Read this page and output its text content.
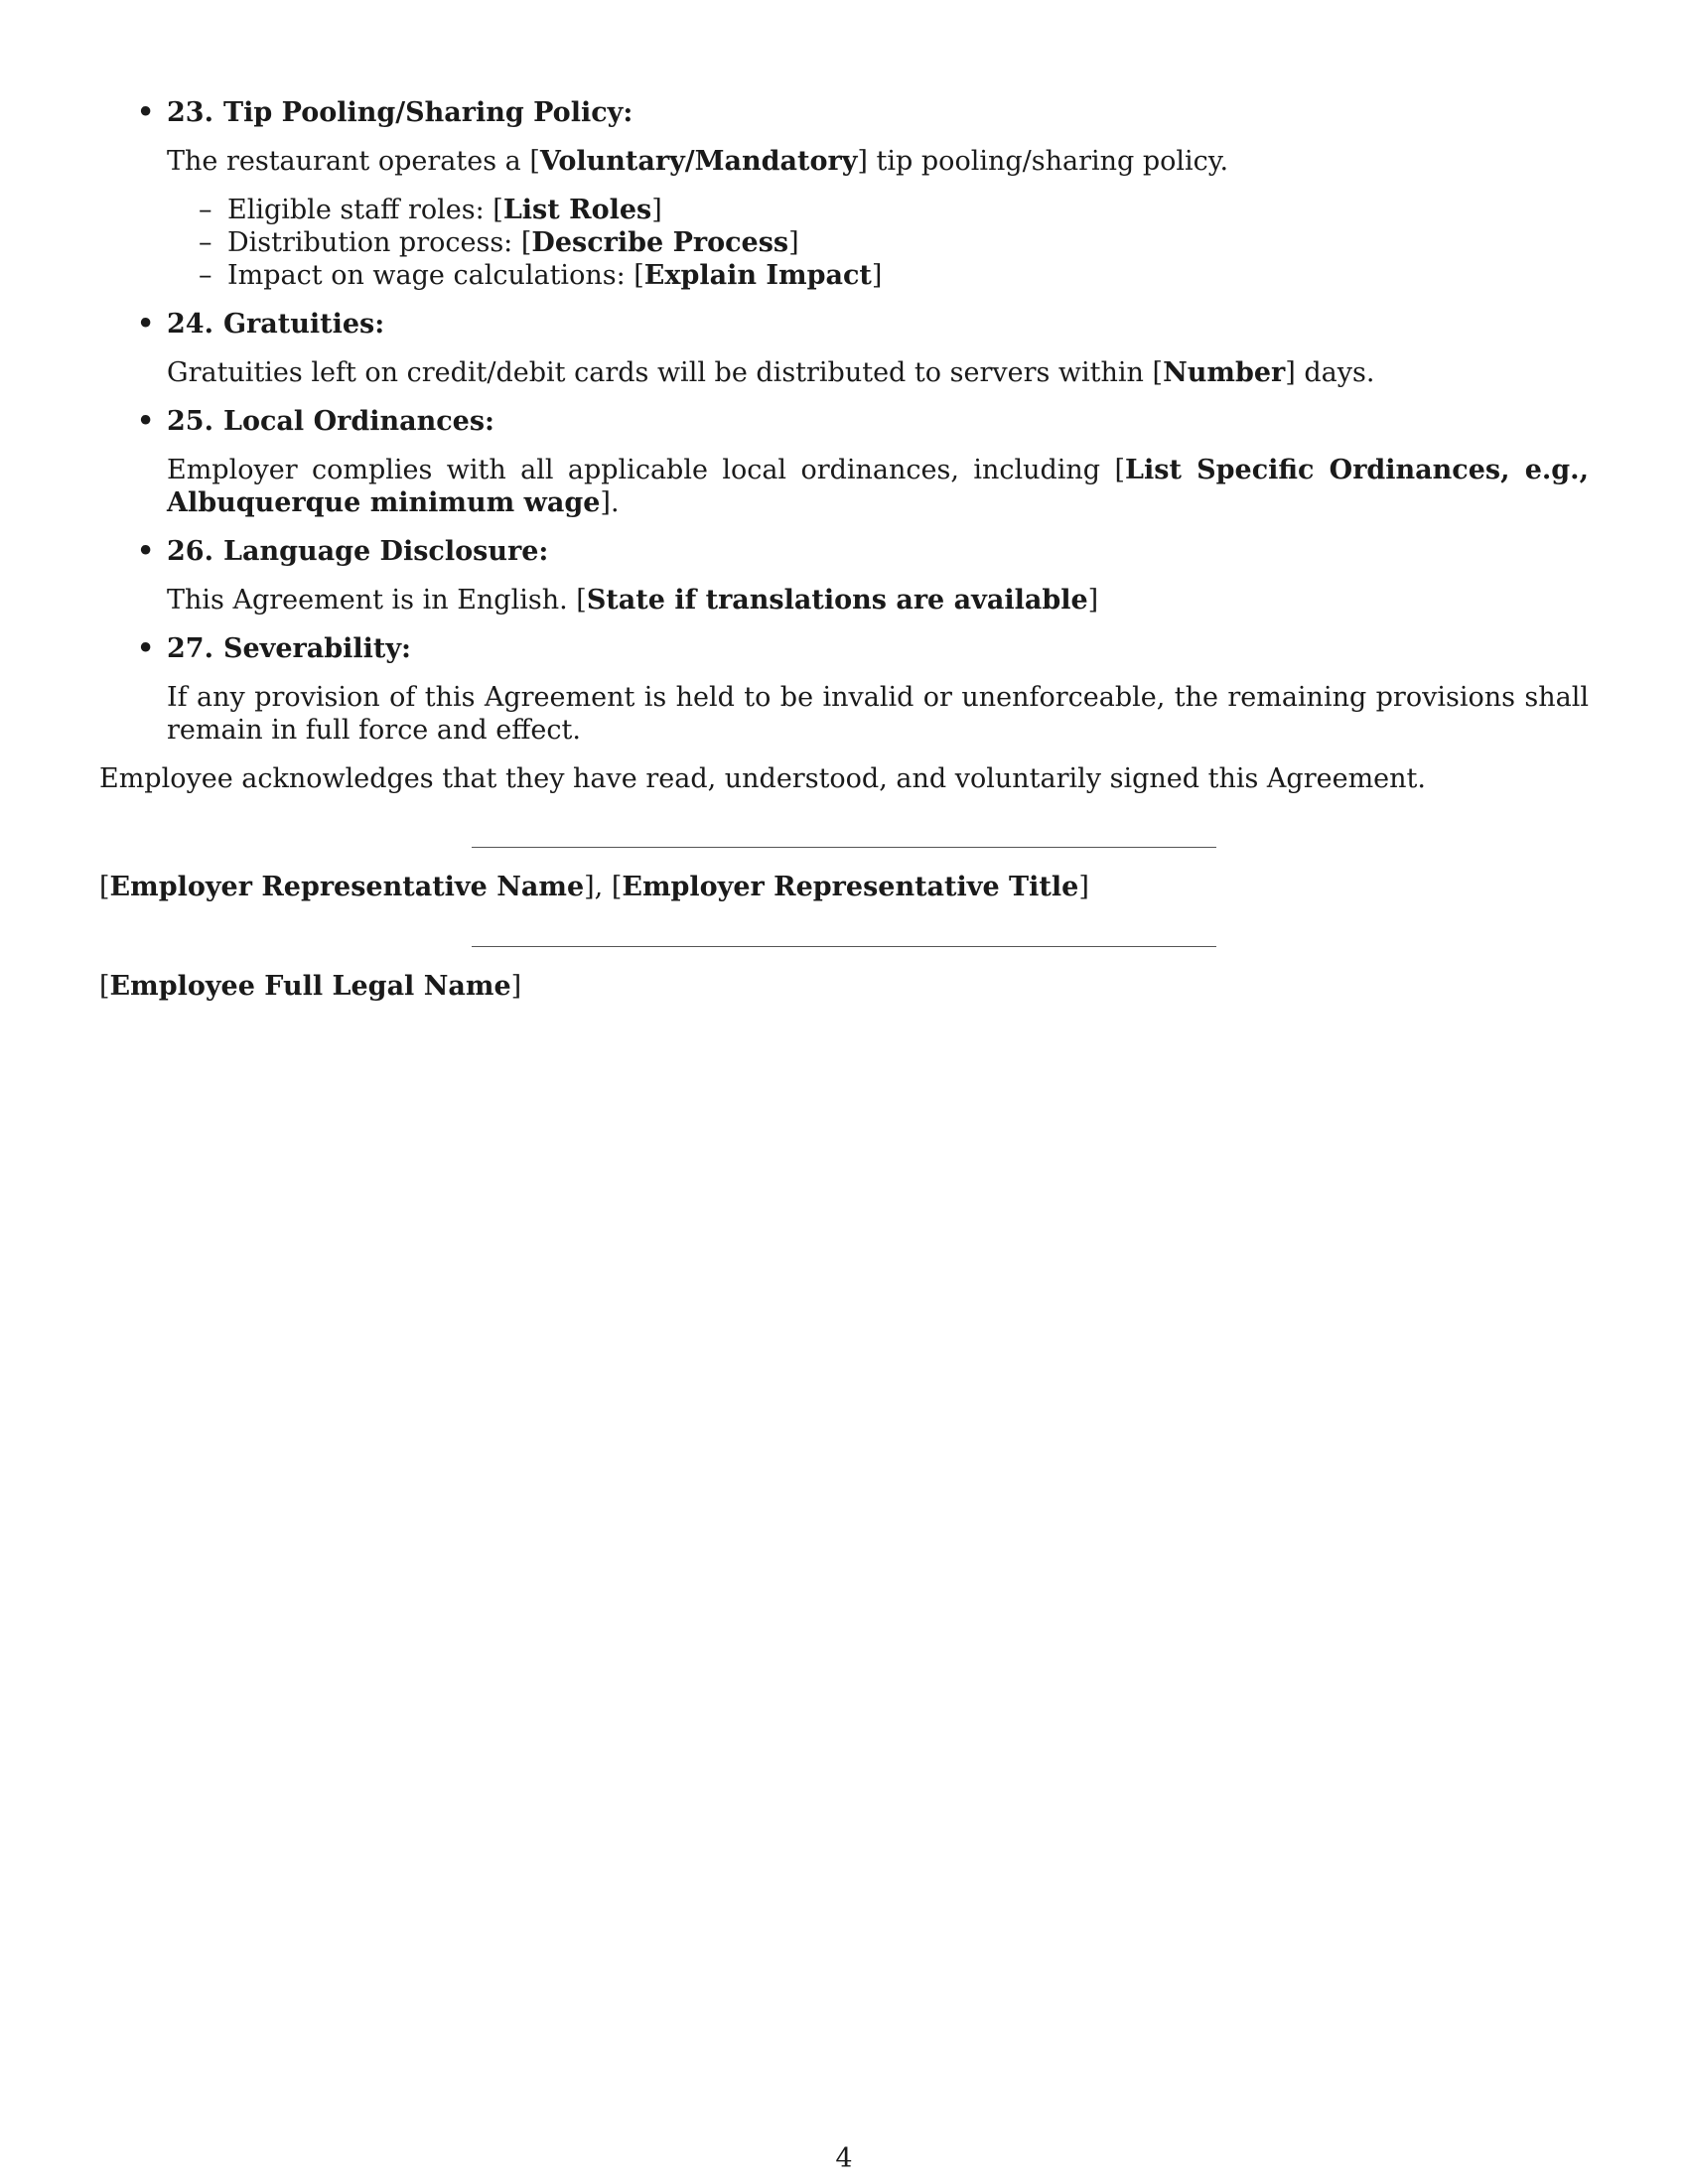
• 23. Tip Pooling/Sharing Policy:

The restaurant operates a [Voluntary/Mandatory] tip pooling/sharing policy.

– Eligible staff roles: [List Roles]
– Distribution process: [Describe Process]
– Impact on wage calculations: [Explain Impact]
• 24. Gratuities:

Gratuities left on credit/debit cards will be distributed to servers within [Number] days.

• 25. Local Ordinances:

Employer complies with all applicable local ordinances, including [List Specific Ordinances, e.g., Albuquerque minimum wage].

• 26. Language Disclosure:

This Agreement is in English. [State if translations are available]

• 27. Severability:

If any provision of this Agreement is held to be invalid or unenforceable, the remaining provisions shall remain in full force and effect.

Employee acknowledges that they have read, understood, and voluntarily signed this Agreement.

[Employer Representative Name], [Employer Representative Title]
[Employee Full Legal Name]
4
